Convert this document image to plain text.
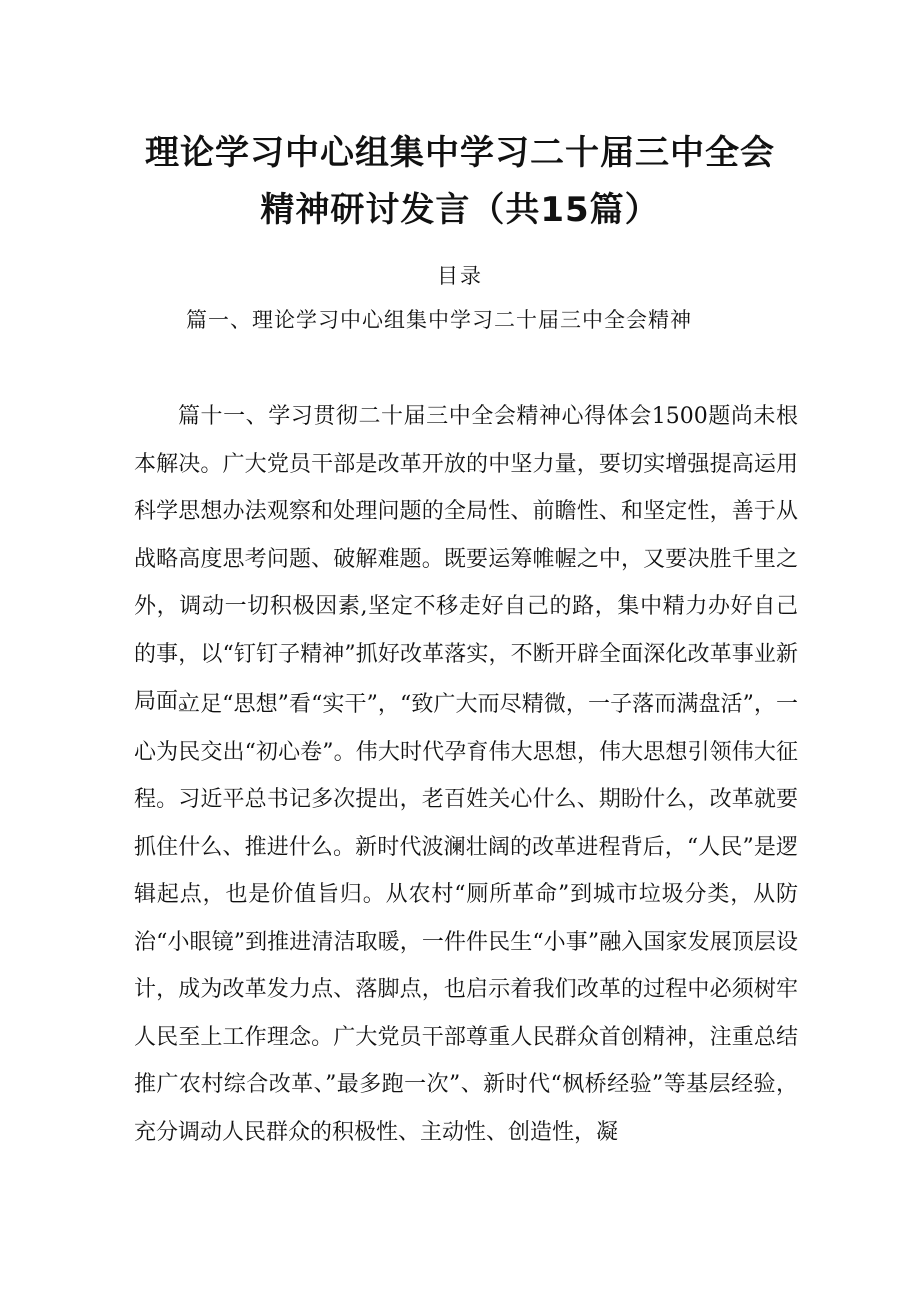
理论学习中心组集中学习二十届三中全会
精神研讨发言（共15篇）
目录
篇一、理论学习中心组集中学习二十届三中全会精神

篇十一、学习贯彻二十届三中全会精神心得体会1500题尚未根本解决。广大党员干部是改革开放的中坚力量，要切实增强提高运用科学思想办法观察和处理问题的全局性、前瞻性、和坚定性，善于从战略高度思考问题、破解难题。既要运筹帷幄之中，又要决胜千里之外，调动一切积极因素,坚定不移走好自己的路，集中精力办好自己的事，以“钉钉子精神”抓好改革落实，不断开辟全面深化改革事业新局面。

立足“思想”看“实干”，“致广大而尽精微，一子落而满盘活”，一心为民交出“初心卷”。伟大时代孕育伟大思想，伟大思想引领伟大征程。习近平总书记多次提出，老百姓关心什么、期盼什么，改革就要抓住什么、推进什么。新时代波澜壮阔的改革进程背后，“人民”是逻辑起点，也是价值旨归。从农村“厕所革命”到城市垃圾分类，从防治“小眼镜”到推进清洁取暖，一件件民生“小事”融入国家发展顶层设计，成为改革发力点、落脚点，也启示着我们改革的过程中必须树牢人民至上工作理念。广大党员干部尊重人民群众首创精神，注重总结推广农村综合改革、”最多跑一次”、新时代“枫桥经验”等基层经验，充分调动人民群众的积极性、主动性、创造性，凝
